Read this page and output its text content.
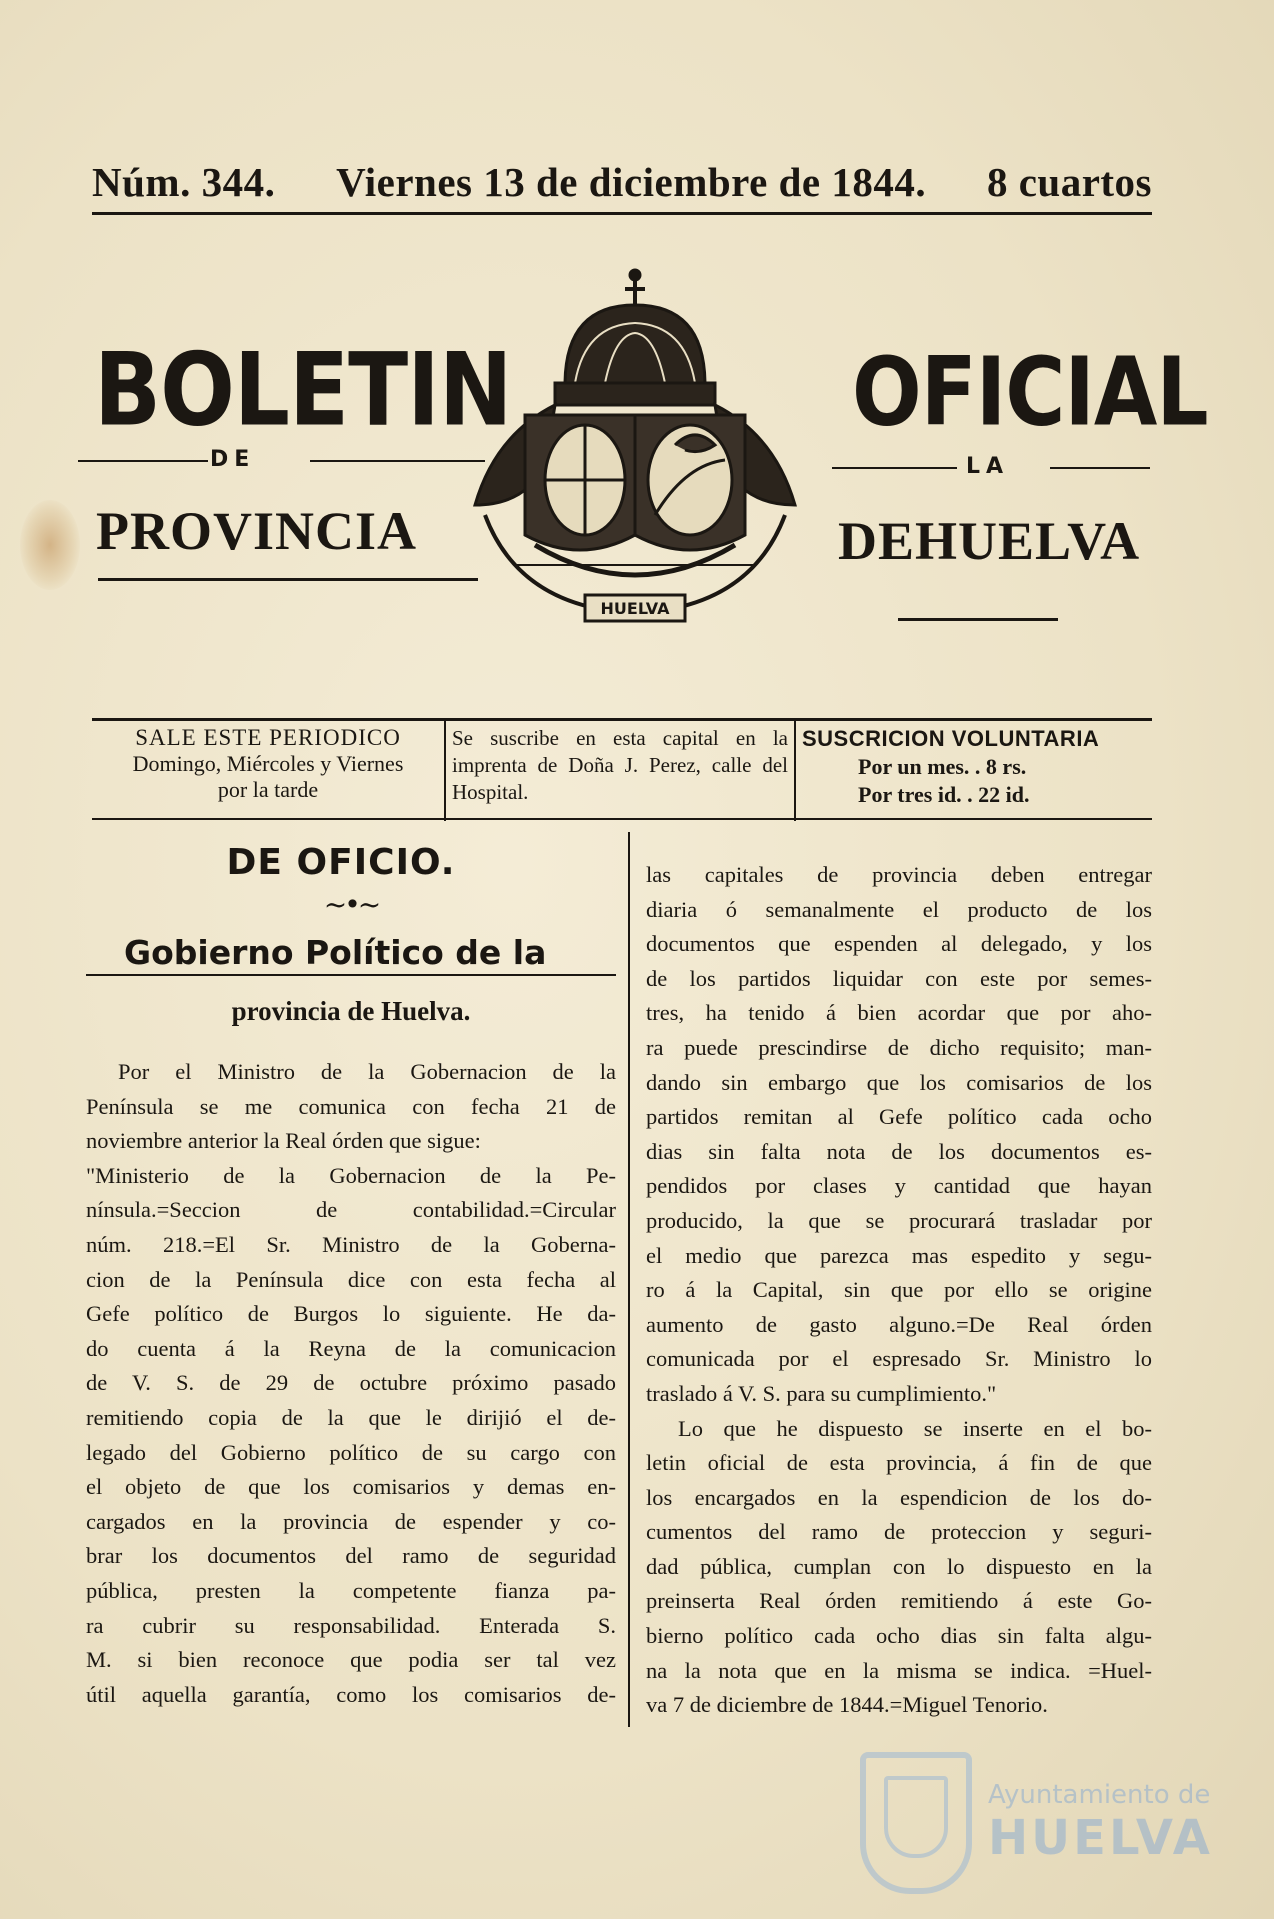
Núm. 344. Viernes 13 de diciembre de 1844. 8 cuartos
BOLETIN	OFICIAL
DE	LA
PROVINCIA	DEHUELVA
HUELVA
SALE ESTE PERIODICO
Domingo, Miércoles y Viernes
por la tarde
Se suscribe en esta capital en la imprenta de Doña J. Perez, calle del Hospital.
SUSCRICION VOLUNTARIA
Por un mes. . 8 rs.
Por tres id. . 22 id.
DE OFICIO.
~•~
Gobierno Político de la
provincia de Huelva.
Por el Ministro de la Gobernacion de la
Península se me comunica con fecha 21 de
noviembre anterior la Real órden que sigue:
"Ministerio de la Gobernacion de la Pe-
nínsula.=Seccion de contabilidad.=Circular
núm. 218.=El Sr. Ministro de la Goberna-
cion de la Península dice con esta fecha al
Gefe político de Burgos lo siguiente. He da-
do cuenta á la Reyna de la comunicacion
de V. S. de 29 de octubre próximo pasado
remitiendo copia de la que le dirijió el de-
legado del Gobierno político de su cargo con
el objeto de que los comisarios y demas en-
cargados en la provincia de espender y co-
brar los documentos del ramo de seguridad
pública, presten la competente fianza pa-
ra cubrir su responsabilidad. Enterada S.
M. si bien reconoce que podia ser tal vez
útil aquella garantía, como los comisarios de-
las capitales de provincia deben entregar
diaria ó semanalmente el producto de los
documentos que espenden al delegado, y los
de los partidos liquidar con este por semes-
tres, ha tenido á bien acordar que por aho-
ra puede prescindirse de dicho requisito; man-
dando sin embargo que los comisarios de los
partidos remitan al Gefe político cada ocho
dias sin falta nota de los documentos es-
pendidos por clases y cantidad que hayan
producido, la que se procurará trasladar por
el medio que parezca mas espedito y segu-
ro á la Capital, sin que por ello se origine
aumento de gasto alguno.=De Real órden
comunicada por el espresado Sr. Ministro lo
traslado á V. S. para su cumplimiento."
Lo que he dispuesto se inserte en el bo-
letin oficial de esta provincia, á fin de que
los encargados en la espendicion de los do-
cumentos del ramo de proteccion y seguri-
dad pública, cumplan con lo dispuesto en la
preinserta Real órden remitiendo á este Go-
bierno político cada ocho dias sin falta algu-
na la nota que en la misma se indica. =Huel-
va 7 de diciembre de 1844.=Miguel Tenorio.
Ayuntamiento de
HUELVA
